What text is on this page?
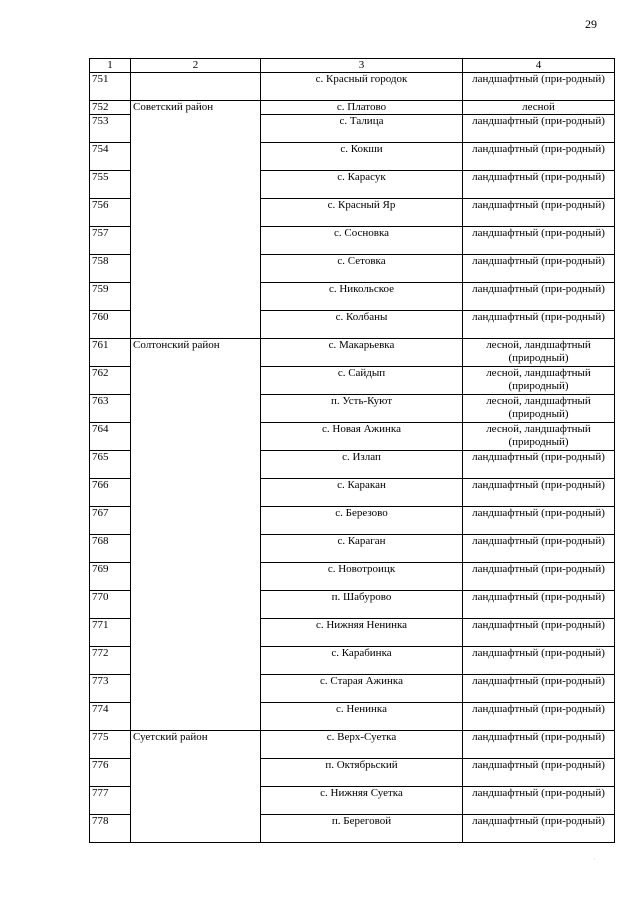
29
1	2	3	4
751		с. Красный городок	ландшафтный (при-родный)
752	Советский район	с. Платово	лесной
753		с. Талица	ландшафтный (при-родный)
754		с. Кокши	ландшафтный (при-родный)
755		с. Карасук	ландшафтный (при-родный)
756		с. Красный Яр	ландшафтный (при-родный)
757		с. Сосновка	ландшафтный (при-родный)
758		с. Сетовка	ландшафтный (при-родный)
759		с. Никольское	ландшафтный (при-родный)
760		с. Колбаны	ландшафтный (при-родный)
761	Солтонский район	с. Макарьевка	лесной, ландшафтный (природный)
762		с. Сайдып	лесной, ландшафтный (природный)
763		п. Усть-Куют	лесной, ландшафтный (природный)
764		с. Новая Ажинка	лесной, ландшафтный (природный)
765		с. Излап	ландшафтный (при-родный)
766		с. Каракан	ландшафтный (при-родный)
767		с. Березово	ландшафтный (при-родный)
768		с. Караган	ландшафтный (при-родный)
769		с. Новотроицк	ландшафтный (при-родный)
770		п. Шабурово	ландшафтный (при-родный)
771		с. Нижняя Ненинка	ландшафтный (при-родный)
772		с. Карабинка	ландшафтный (при-родный)
773		с. Старая Ажинка	ландшафтный (при-родный)
774		с. Ненинка	ландшафтный (при-родный)
775	Суетский район	с. Верх-Суетка	ландшафтный (при-родный)
776		п. Октябрьский	ландшафтный (при-родный)
777		с. Нижняя Суетка	ландшафтный (при-родный)
778		п. Береговой	ландшафтный (при-родный)
·
